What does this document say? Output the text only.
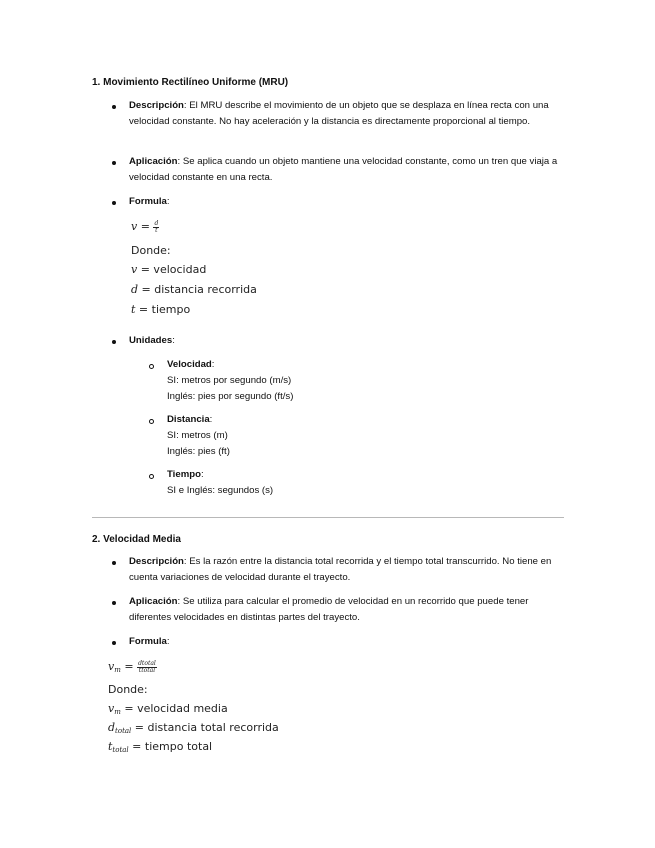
1. Movimiento Rectilíneo Uniforme (MRU)
Descripción: El MRU describe el movimiento de un objeto que se desplaza en línea recta con una velocidad constante. No hay aceleración y la distancia es directamente proporcional al tiempo.
Aplicación: Se aplica cuando un objeto mantiene una velocidad constante, como un tren que viaja a velocidad constante en una recta.
Formula:
$v = \frac{d}{t}$
Donde:
v = velocidad
d = distancia recorrida
t = tiempo
Unidades:
Velocidad:
SI: metros por segundo (m/s)
Inglés: pies por segundo (ft/s)
Distancia:
SI: metros (m)
Inglés: pies (ft)
Tiempo:
SI e Inglés: segundos (s)
2. Velocidad Media
Descripción: Es la razón entre la distancia total recorrida y el tiempo total transcurrido. No tiene en cuenta variaciones de velocidad durante el trayecto.
Aplicación: Se utiliza para calcular el promedio de velocidad en un recorrido que puede tener diferentes velocidades en distintas partes del trayecto.
Formula:
$v_m = \frac{\text{dtotal}}{\text{ttotal}}$
Donde:
$v_m$ = velocidad media
$d_{total}$ = distancia total recorrida
$t_{total}$ = tiempo total
